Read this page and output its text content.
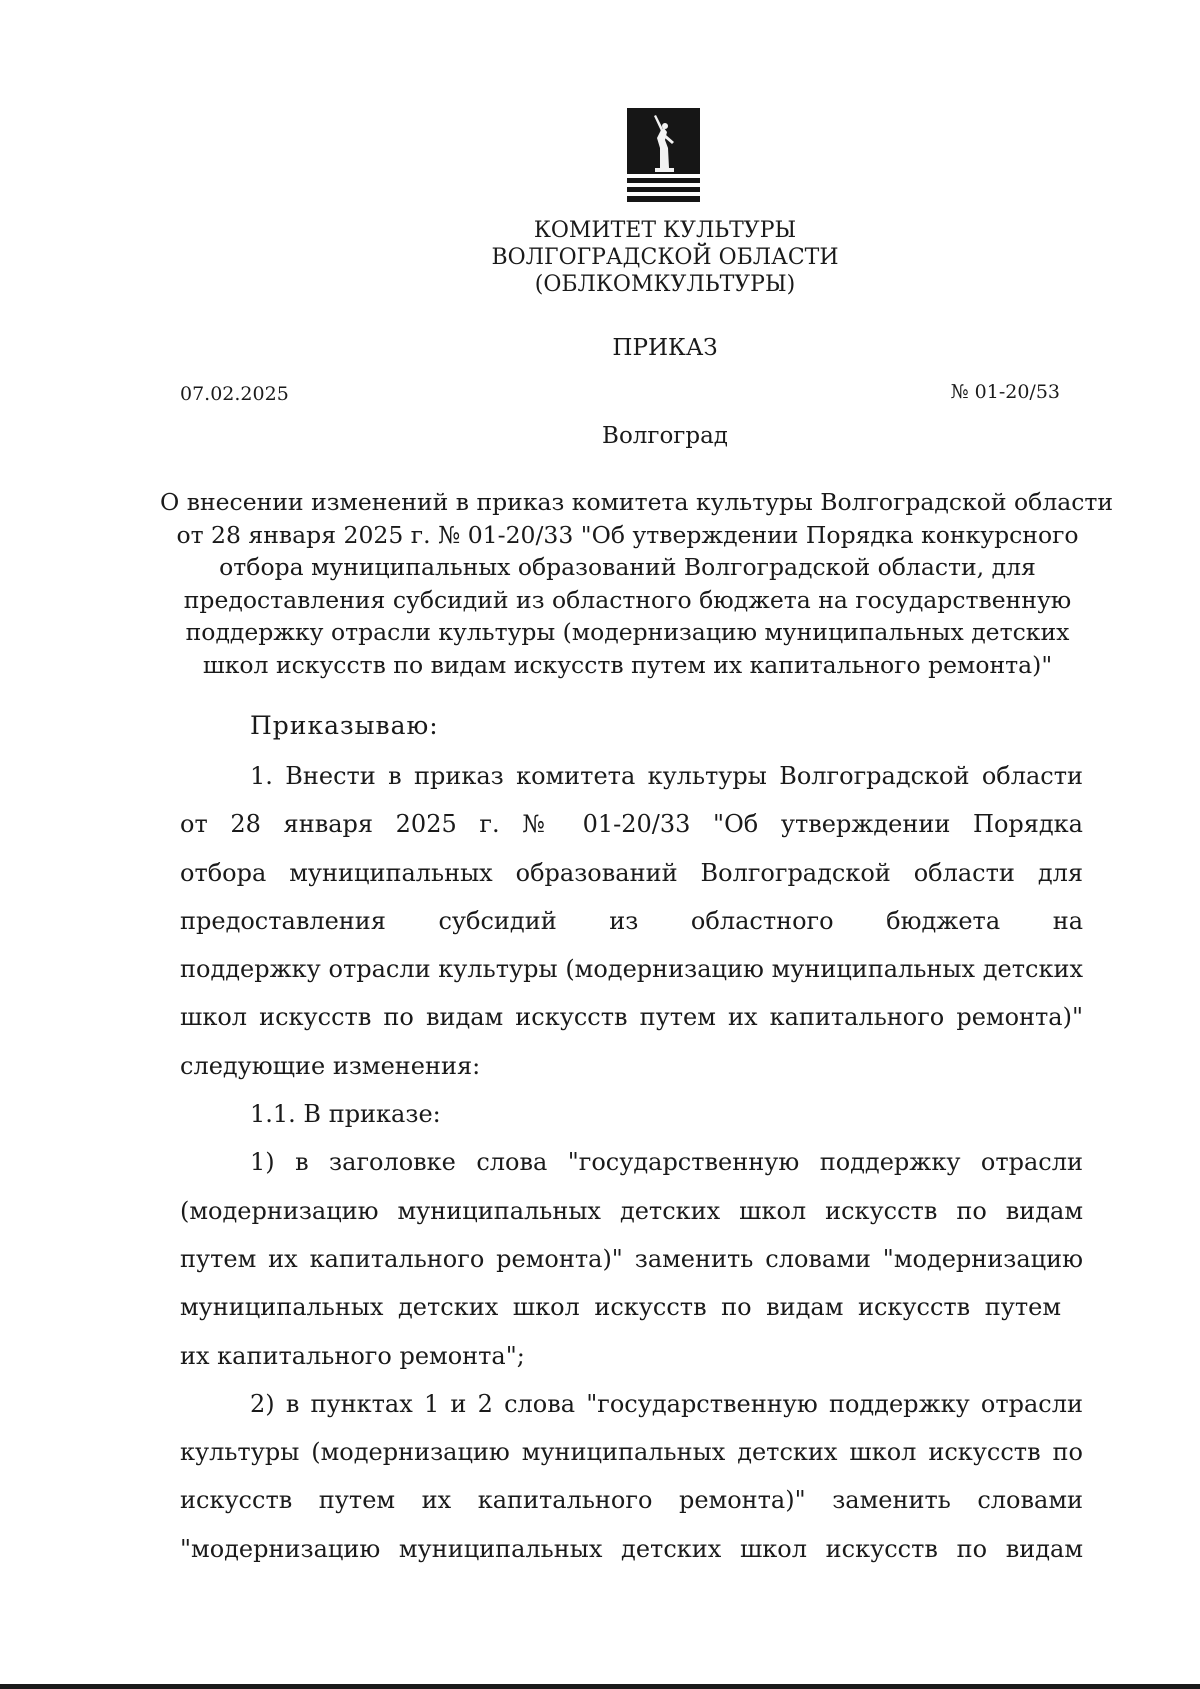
КОМИТЕТ КУЛЬТУРЫ
ВОЛГОГРАДСКОЙ ОБЛАСТИ
(ОБЛКОМКУЛЬТУРЫ)
ПРИКАЗ
07.02.2025	№ 01-20/53
Волгоград
О внесении изменений в приказ комитета культуры Волгоградской области
от 28 января 2025 г. № 01-20/33 "Об утверждении Порядка конкурсного
отбора муниципальных образований Волгоградской области, для
предоставления субсидий из областного бюджета на государственную
поддержку отрасли культуры (модернизацию муниципальных детских
школ искусств по видам искусств путем их капитального ремонта)"
Приказываю:
1. Внести в приказ комитета культуры Волгоградской области
от 28 января 2025 г. № 01-20/33 "Об утверждении Порядка
отбора муниципальных образований Волгоградской области для
предоставления субсидий из областного бюджета на
поддержку отрасли культуры (модернизацию муниципальных детских
школ искусств по видам искусств путем их капитального ремонта)"
следующие изменения:
1.1. В приказе:
1) в заголовке слова "государственную поддержку отрасли
(модернизацию муниципальных детских школ искусств по видам
путем их капитального ремонта)" заменить словами "модернизацию
муниципальных детских школ искусств по видам искусств путем
их капитального ремонта";
2) в пунктах 1 и 2 слова "государственную поддержку отрасли
культуры (модернизацию муниципальных детских школ искусств по
искусств путем их капитального ремонта)" заменить словами
"модернизацию муниципальных детских школ искусств по видам
